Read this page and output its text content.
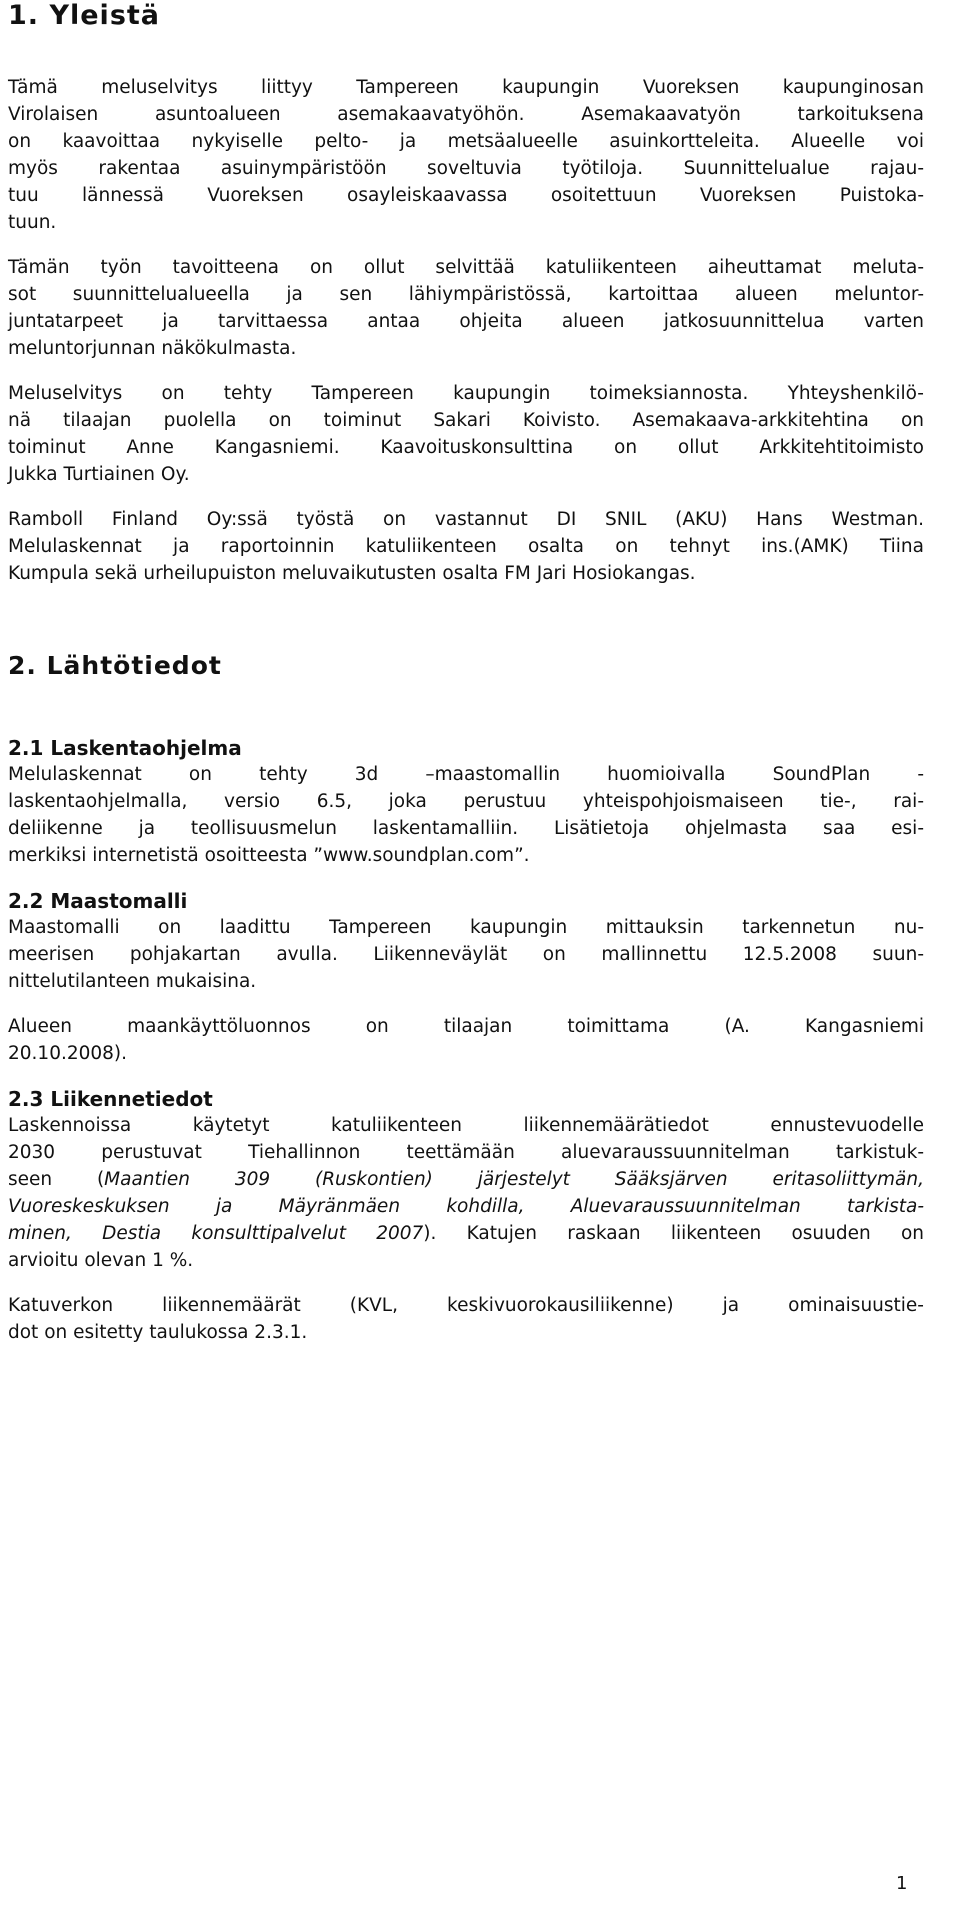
1. Yleistä
Tämä meluselvitys liittyy Tampereen kaupungin Vuoreksen kaupunginosan
Virolaisen asuntoalueen asemakaavatyöhön. Asemakaavatyön tarkoituksena
on kaavoittaa nykyiselle pelto- ja metsäalueelle asuinkortteleita. Alueelle voi
myös rakentaa asuinympäristöön soveltuvia työtiloja. Suunnittelualue rajau-
tuu lännessä Vuoreksen osayleiskaavassa osoitettuun Vuoreksen Puistoka-
tuun.
Tämän työn tavoitteena on ollut selvittää katuliikenteen aiheuttamat meluta-
sot suunnittelualueella ja sen lähiympäristössä, kartoittaa alueen meluntor-
juntatarpeet ja tarvittaessa antaa ohjeita alueen jatkosuunnittelua varten
meluntorjunnan näkökulmasta.
Meluselvitys on tehty Tampereen kaupungin toimeksiannosta. Yhteyshenkilö-
nä tilaajan puolella on toiminut Sakari Koivisto. Asemakaava-arkkitehtina on
toiminut Anne Kangasniemi. Kaavoituskonsulttina on ollut Arkkitehtitoimisto
Jukka Turtiainen Oy.
Ramboll Finland Oy:ssä työstä on vastannut DI SNIL (AKU) Hans Westman.
Melulaskennat ja raportoinnin katuliikenteen osalta on tehnyt ins.(AMK) Tiina
Kumpula sekä urheilupuiston meluvaikutusten osalta FM Jari Hosiokangas.
2. Lähtötiedot
2.1 Laskentaohjelma
Melulaskennat on tehty 3d –maastomallin huomioivalla SoundPlan -
laskentaohjelmalla, versio 6.5, joka perustuu yhteispohjoismaiseen tie-, rai-
deliikenne ja teollisuusmelun laskentamalliin. Lisätietoja ohjelmasta saa esi-
merkiksi internetistä osoitteesta ”www.soundplan.com”.
2.2 Maastomalli
Maastomalli on laadittu Tampereen kaupungin mittauksin tarkennetun nu-
meerisen pohjakartan avulla. Liikenneväylät on mallinnettu 12.5.2008 suun-
nittelutilanteen mukaisina.
Alueen maankäyttöluonnos on tilaajan toimittama (A. Kangasniemi
20.10.2008).
2.3 Liikennetiedot
Laskennoissa käytetyt katuliikenteen liikennemäärätiedot ennustevuodelle
2030 perustuvat Tiehallinnon teettämään aluevaraussuunnitelman tarkistuk-
seen (Maantien 309 (Ruskontien) järjestelyt Sääksjärven eritasoliittymän,
Vuoreskeskuksen ja Mäyränmäen kohdilla, Aluevaraussuunnitelman tarkista-
minen, Destia konsulttipalvelut 2007). Katujen raskaan liikenteen osuuden on
arvioitu olevan 1 %.
Katuverkon liikennemäärät (KVL, keskivuorokausiliikenne) ja ominaisuustie-
dot on esitetty taulukossa 2.3.1.
1
